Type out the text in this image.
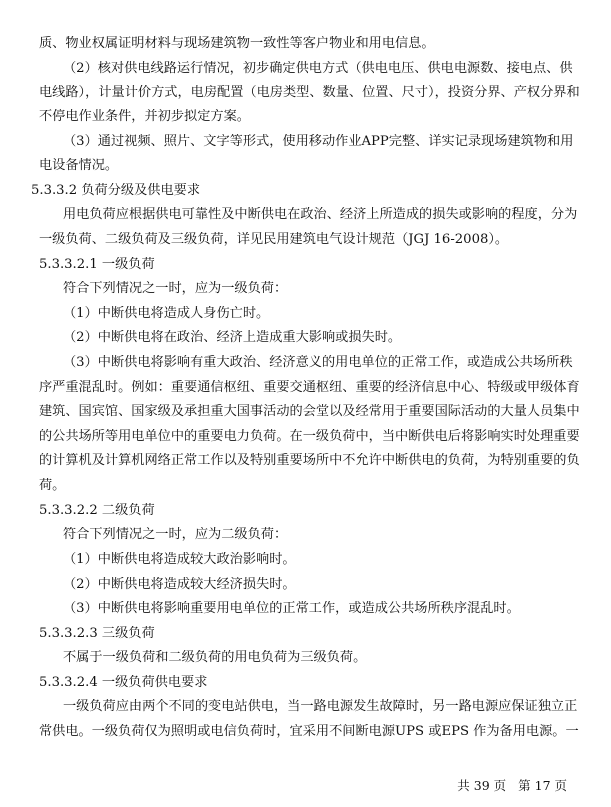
质、物业权属证明材料与现场建筑物一致性等客户物业和用电信息。
（2）核对供电线路运行情况，初步确定供电方式（供电电压、供电电源数、接电点、供
电线路），计量计价方式，电房配置（电房类型、数量、位置、尺寸），投资分界、产权分界和
不停电作业条件，并初步拟定方案。
（3）通过视频、照片、文字等形式，使用移动作业APP完整、详实记录现场建筑物和用
电设备情况。
5.3.3.2 负荷分级及供电要求
用电负荷应根据供电可靠性及中断供电在政治、经济上所造成的损失或影响的程度，分为
一级负荷、二级负荷及三级负荷，详见民用建筑电气设计规范（JGJ 16-2008）。
5.3.3.2.1 一级负荷
符合下列情况之一时，应为一级负荷：
（1）中断供电将造成人身伤亡时。
（2）中断供电将在政治、经济上造成重大影响或损失时。
（3）中断供电将影响有重大政治、经济意义的用电单位的正常工作，或造成公共场所秩
序严重混乱时。例如：重要通信枢纽、重要交通枢纽、重要的经济信息中心、特级或甲级体育
建筑、国宾馆、国家级及承担重大国事活动的会堂以及经常用于重要国际活动的大量人员集中
的公共场所等用电单位中的重要电力负荷。在一级负荷中，当中断供电后将影响实时处理重要
的计算机及计算机网络正常工作以及特别重要场所中不允许中断供电的负荷，为特别重要的负
荷。
5.3.3.2.2 二级负荷
符合下列情况之一时，应为二级负荷：
（1）中断供电将造成较大政治影响时。
（2）中断供电将造成较大经济损失时。
（3）中断供电将影响重要用电单位的正常工作，或造成公共场所秩序混乱时。
5.3.3.2.3 三级负荷
不属于一级负荷和二级负荷的用电负荷为三级负荷。
5.3.3.2.4 一级负荷供电要求
一级负荷应由两个不同的变电站供电，当一路电源发生故障时，另一路电源应保证独立正
常供电。一级负荷仅为照明或电信负荷时，宜采用不间断电源UPS 或EPS 作为备用电源。一
共 39 页 第 17 页
